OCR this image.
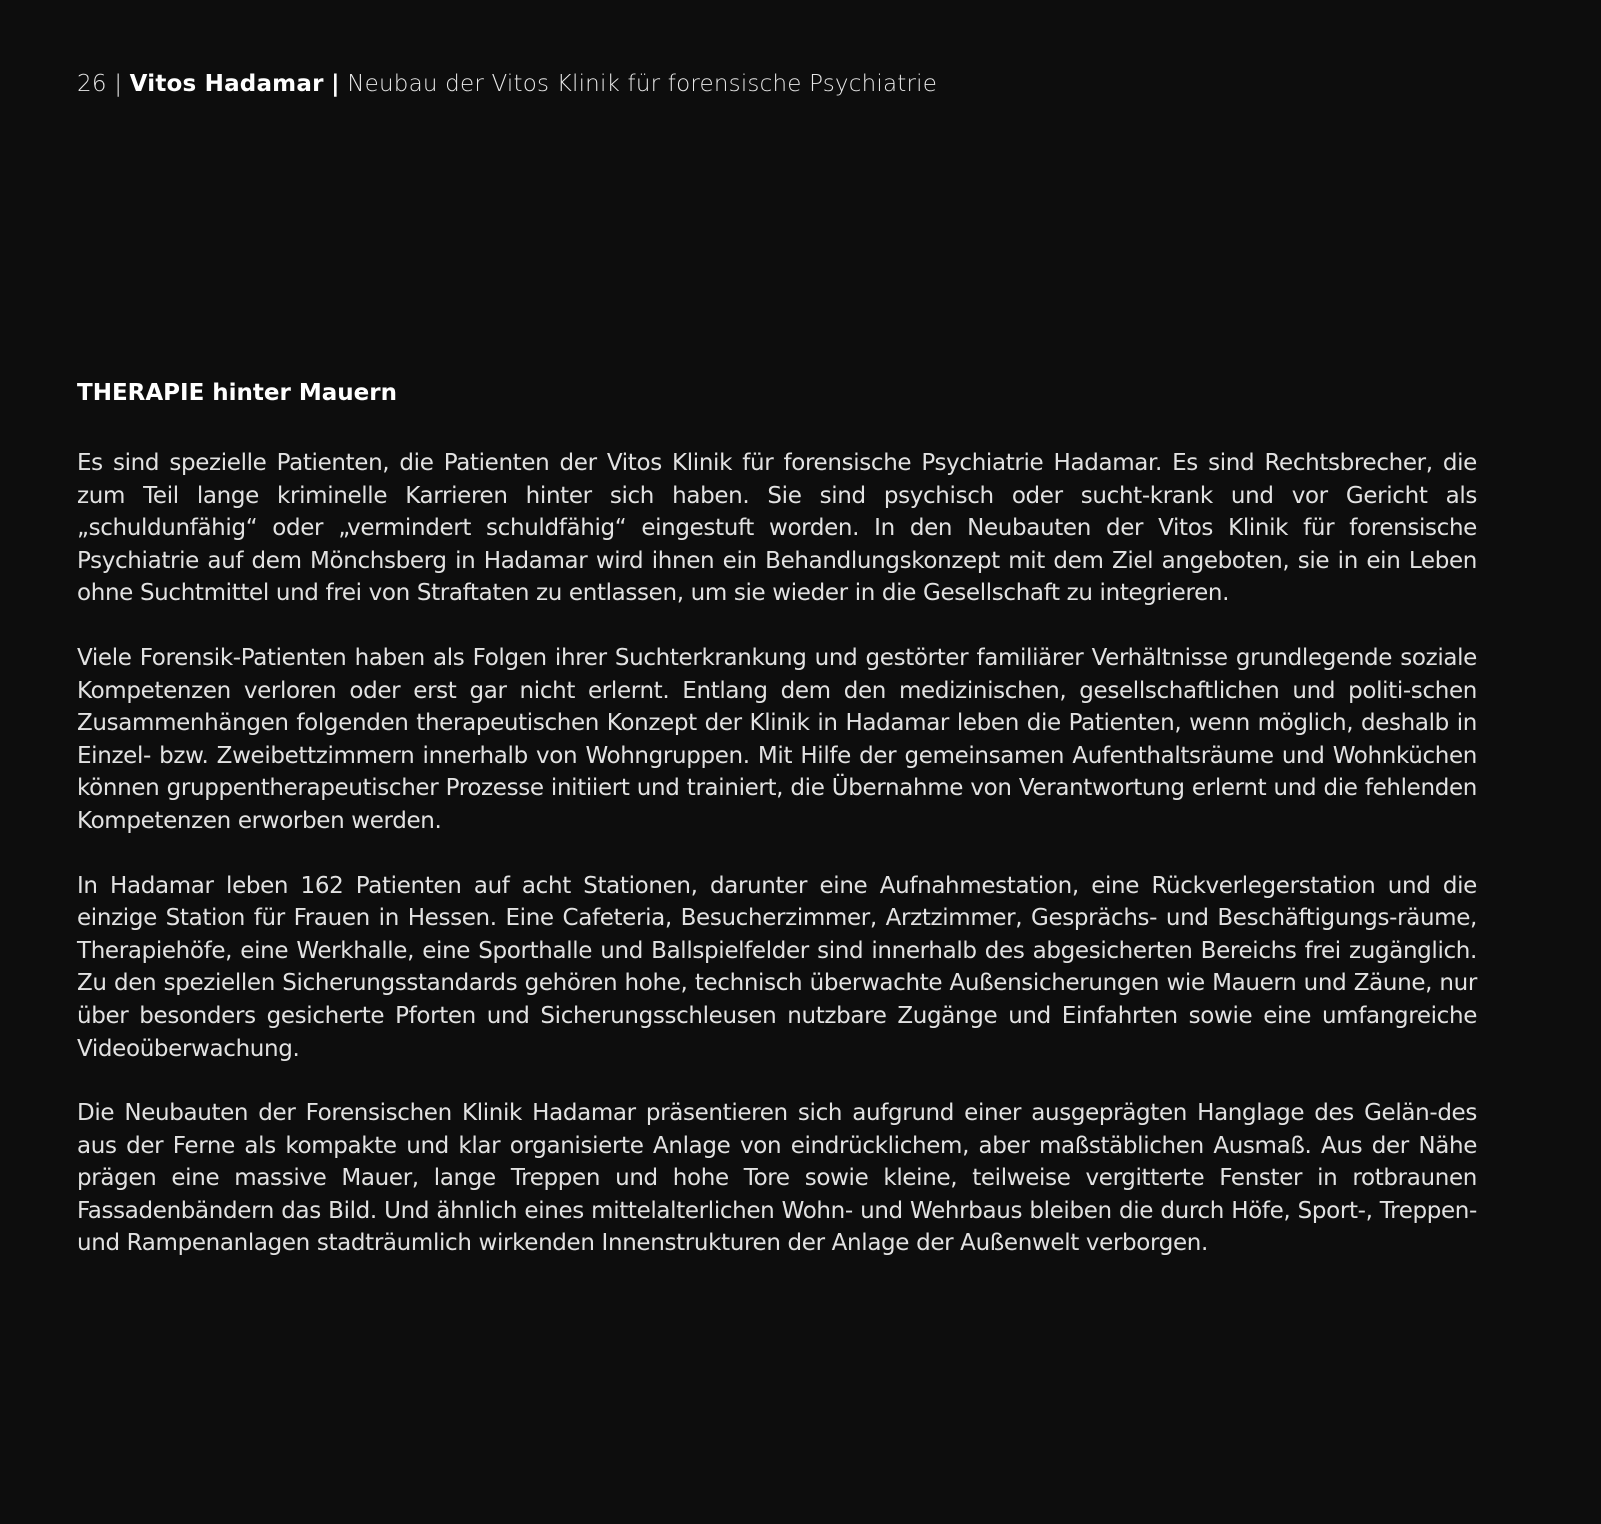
26 | Vitos Hadamar | Neubau der Vitos Klinik für forensische Psychiatrie
THERAPIE hinter Mauern

Es sind spezielle Patienten, die Patienten der Vitos Klinik für forensische Psychiatrie Hadamar. Es sind Rechtsbrecher, die zum Teil lange kriminelle Karrieren hinter sich haben. Sie sind psychisch oder sucht-krank und vor Gericht als „schuldunfähig“ oder „vermindert schuldfähig“ eingestuft worden. In den Neubauten der Vitos Klinik für forensische Psychiatrie auf dem Mönchsberg in Hadamar wird ihnen ein Behandlungskonzept mit dem Ziel angeboten, sie in ein Leben ohne Suchtmittel und frei von Straftaten zu entlassen, um sie wieder in die Gesellschaft zu integrieren.

Viele Forensik-Patienten haben als Folgen ihrer Suchterkrankung und gestörter familiärer Verhältnisse grundlegende soziale Kompetenzen verloren oder erst gar nicht erlernt. Entlang dem den medizinischen, gesellschaftlichen und politi-schen Zusammenhängen folgenden therapeutischen Konzept der Klinik in Hadamar leben die Patienten, wenn möglich, deshalb in Einzel- bzw. Zweibettzimmern innerhalb von Wohngruppen. Mit Hilfe der gemeinsamen Aufenthaltsräume und Wohnküchen können gruppentherapeutischer Prozesse initiiert und trainiert, die Übernahme von Verantwortung erlernt und die fehlenden Kompetenzen erworben werden.

In Hadamar leben 162 Patienten auf acht Stationen, darunter eine Aufnahmestation, eine Rückverlegerstation und die einzige Station für Frauen in Hessen. Eine Cafeteria, Besucherzimmer, Arztzimmer, Gesprächs- und Beschäftigungs-räume, Therapiehöfe, eine Werkhalle, eine Sporthalle und Ballspielfelder sind innerhalb des abgesicherten Bereichs frei zugänglich. Zu den speziellen Sicherungsstandards gehören hohe, technisch überwachte Außensicherungen wie Mauern und Zäune, nur über besonders gesicherte Pforten und Sicherungsschleusen nutzbare Zugänge und Einfahrten sowie eine umfangreiche Videoüberwachung.

Die Neubauten der Forensischen Klinik Hadamar präsentieren sich aufgrund einer ausgeprägten Hanglage des Gelän-des aus der Ferne als kompakte und klar organisierte Anlage von eindrücklichem, aber maßstäblichen Ausmaß. Aus der Nähe prägen eine massive Mauer, lange Treppen und hohe Tore sowie kleine, teilweise vergitterte Fenster in rotbraunen Fassadenbändern das Bild. Und ähnlich eines mittelalterlichen Wohn- und Wehrbaus bleiben die durch Höfe, Sport-, Treppen- und Rampenanlagen stadträumlich wirkenden Innenstrukturen der Anlage der Außenwelt verborgen.
